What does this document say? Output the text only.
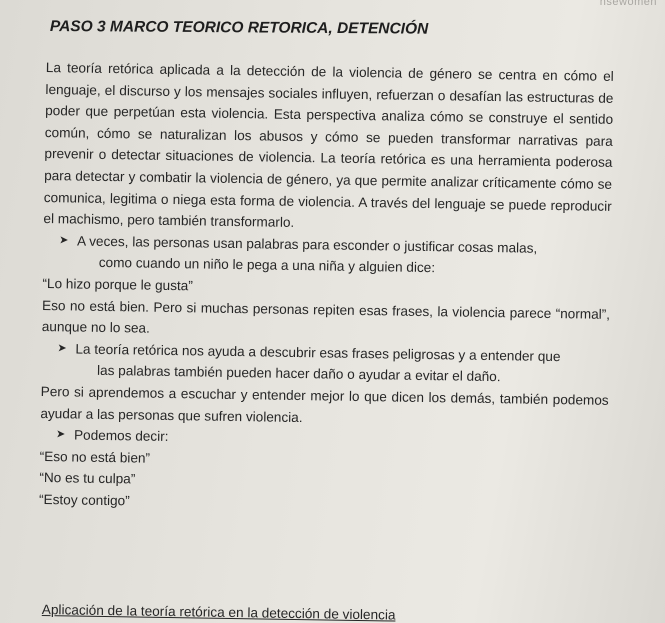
nsewomen
PASO 3 MARCO TEORICO RETORICA, DETENCIÓN

La teoría retórica aplicada a la detección de la violencia de género se centra en cómo el lenguaje, el discurso y los mensajes sociales influyen, refuerzan o desafían las estructuras de poder que perpetúan esta violencia. Esta perspectiva analiza cómo se construye el sentido común, cómo se naturalizan los abusos y cómo se pueden transformar narrativas para prevenir o detectar situaciones de violencia. La teoría retórica es una herramienta poderosa para detectar y combatir la violencia de género, ya que permite analizar críticamente cómo se comunica, legitima o niega esta forma de violencia. A través del lenguaje se puede reproducir el machismo, pero también transformarlo.

➤ A veces, las personas usan palabras para esconder o justificar cosas malas,
como cuando un niño le pega a una niña y alguien dice:

“Lo hizo porque le gusta”

Eso no está bien. Pero si muchas personas repiten esas frases, la violencia parece “normal”, aunque no lo sea.

➤ La teoría retórica nos ayuda a descubrir esas frases peligrosas y a entender que
las palabras también pueden hacer daño o ayudar a evitar el daño.

Pero si aprendemos a escuchar y entender mejor lo que dicen los demás, también podemos ayudar a las personas que sufren violencia.

➤ Podemos decir:

“Eso no está bien”

“No es tu culpa”

“Estoy contigo”

Aplicación de la teoría retórica en la detección de violencia
